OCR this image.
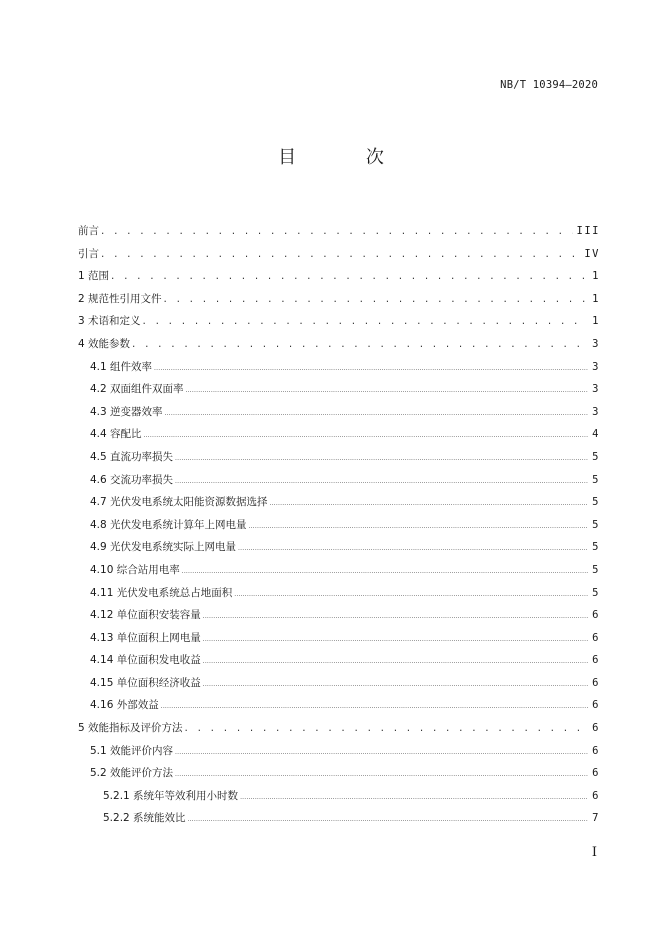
NB/T 10394—2020
目 次
前言 . . .	III
引言 . . .	IV
1 范围 . . .	1
2 规范性引用文件 . . .	1
3 术语和定义 . . .	1
4 效能参数 . . .	3
4.1 组件效率 .....	3
4.2 双面组件双面率 .....	3
4.3 逆变器效率 .....	3
4.4 容配比 .....	4
4.5 直流功率损失 .....	5
4.6 交流功率损失 .....	5
4.7 光伏发电系统太阳能资源数据选择 .....	5
4.8 光伏发电系统计算年上网电量 .....	5
4.9 光伏发电系统实际上网电量 .....	5
4.10 综合站用电率 .....	5
4.11 光伏发电系统总占地面积 .....	5
4.12 单位面积安装容量 .....	6
4.13 单位面积上网电量 .....	6
4.14 单位面积发电收益 .....	6
4.15 单位面积经济收益 .....	6
4.16 外部效益 .....	6
5 效能指标及评价方法 . . .	6
5.1 效能评价内容 .....	6
5.2 效能评价方法 .....	6
5.2.1 系统年等效利用小时数 .....	6
5.2.2 系统能效比 .....	7
I
